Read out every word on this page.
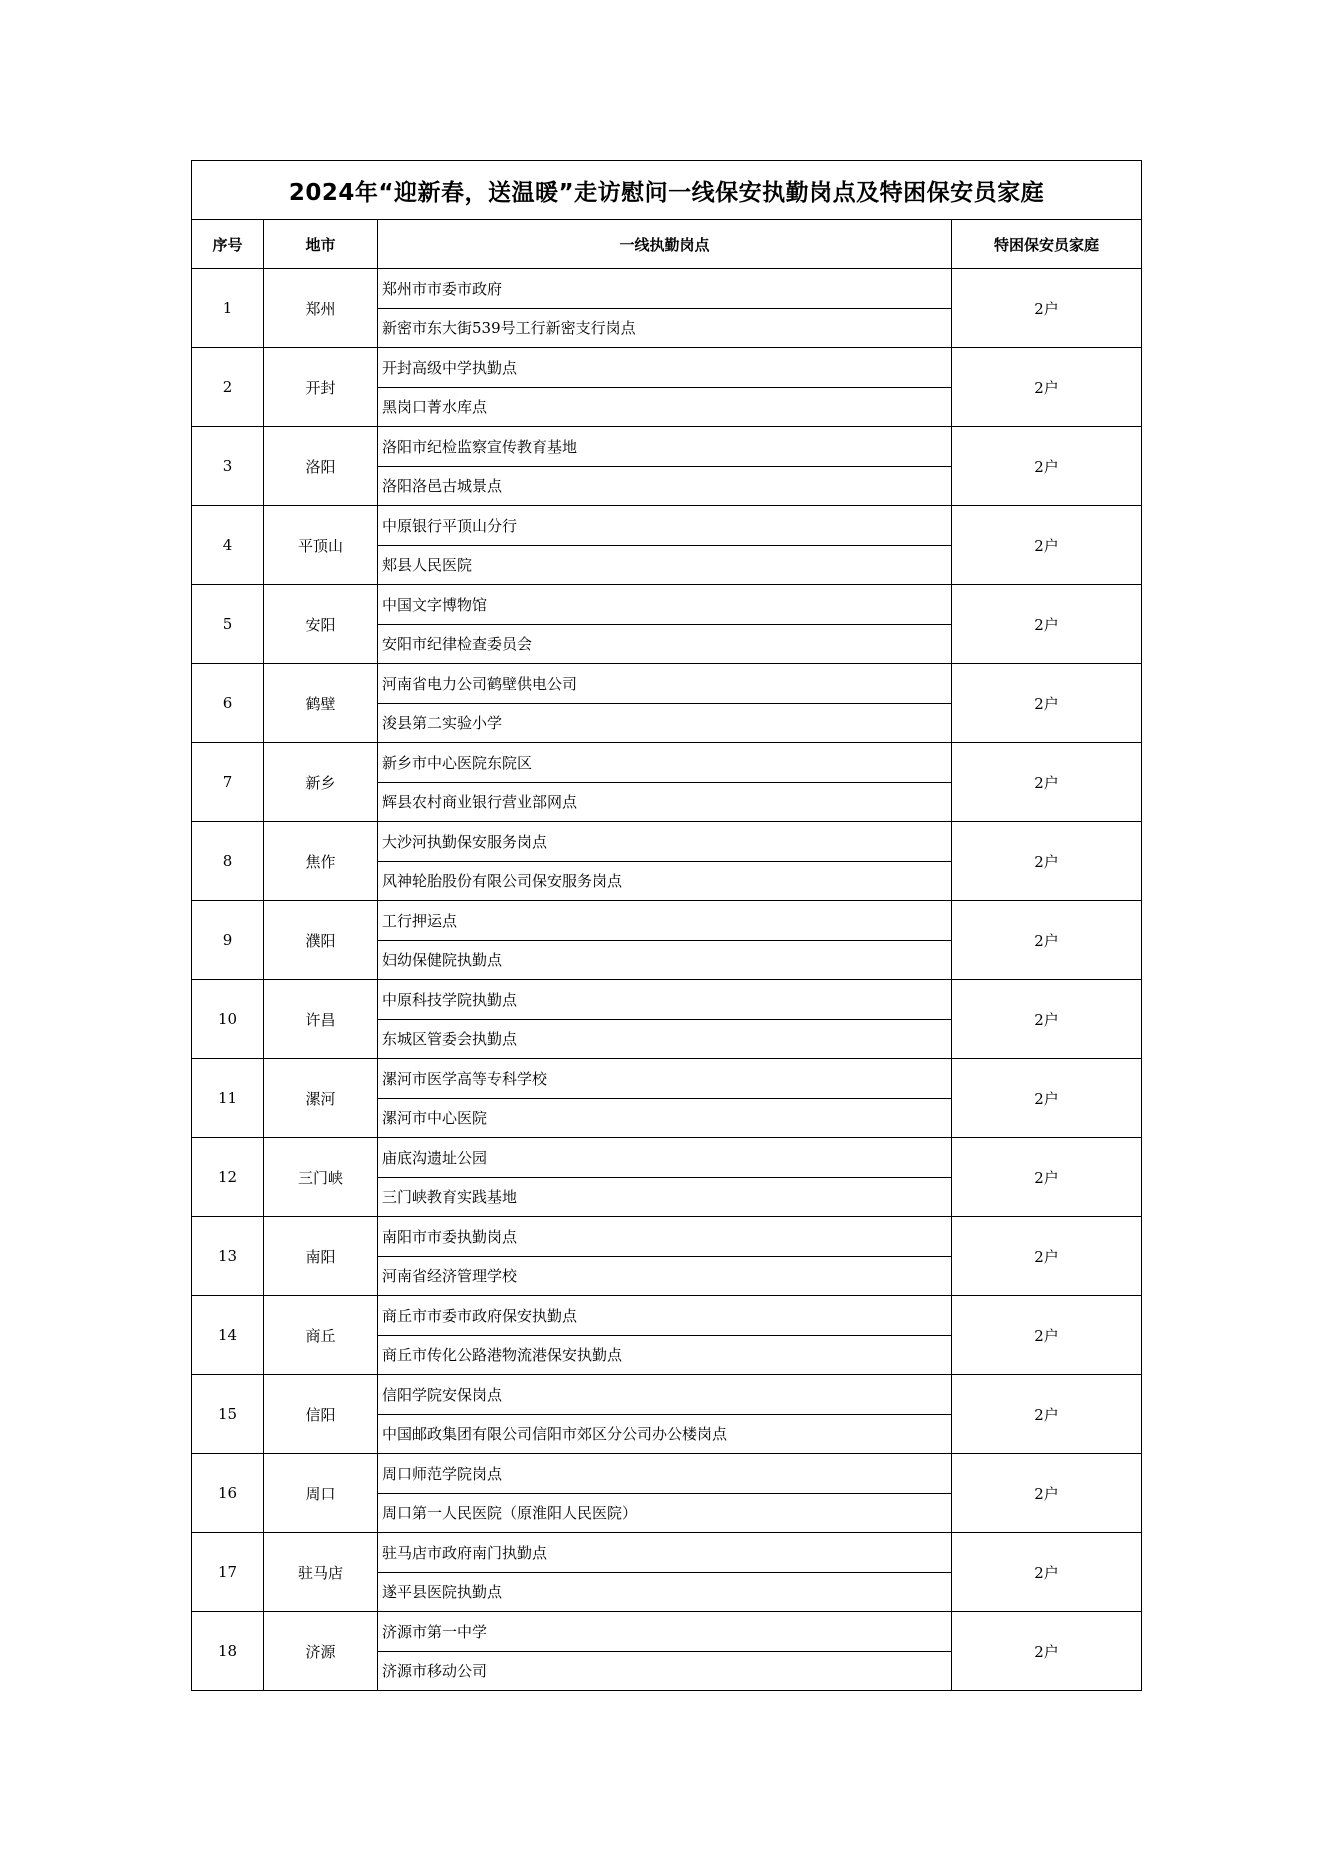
2024年“迎新春，送温暖”走访慰问一线保安执勤岗点及特困保安员家庭			
序号	地市	一线执勤岗点	特困保安员家庭
1	郑州	郑州市市委市政府	2户
		新密市东大街539号工行新密支行岗点	
2	开封	开封高级中学执勤点	2户
		黑岗口菁水库点	
3	洛阳	洛阳市纪检监察宣传教育基地	2户
		洛阳洛邑古城景点	
4	平顶山	中原银行平顶山分行	2户
		郏县人民医院	
5	安阳	中国文字博物馆	2户
		安阳市纪律检查委员会	
6	鹤壁	河南省电力公司鹤壁供电公司	2户
		浚县第二实验小学	
7	新乡	新乡市中心医院东院区	2户
		辉县农村商业银行营业部网点	
8	焦作	大沙河执勤保安服务岗点	2户
		风神轮胎股份有限公司保安服务岗点	
9	濮阳	工行押运点	2户
		妇幼保健院执勤点	
10	许昌	中原科技学院执勤点	2户
		东城区管委会执勤点	
11	漯河	漯河市医学高等专科学校	2户
		漯河市中心医院	
12	三门峡	庙底沟遗址公园	2户
		三门峡教育实践基地	
13	南阳	南阳市市委执勤岗点	2户
		河南省经济管理学校	
14	商丘	商丘市市委市政府保安执勤点	2户
		商丘市传化公路港物流港保安执勤点	
15	信阳	信阳学院安保岗点	2户
		中国邮政集团有限公司信阳市郊区分公司办公楼岗点	
16	周口	周口师范学院岗点	2户
		周口第一人民医院（原淮阳人民医院）	
17	驻马店	驻马店市政府南门执勤点	2户
		遂平县医院执勤点	
18	济源	济源市第一中学	2户
		济源市移动公司	
